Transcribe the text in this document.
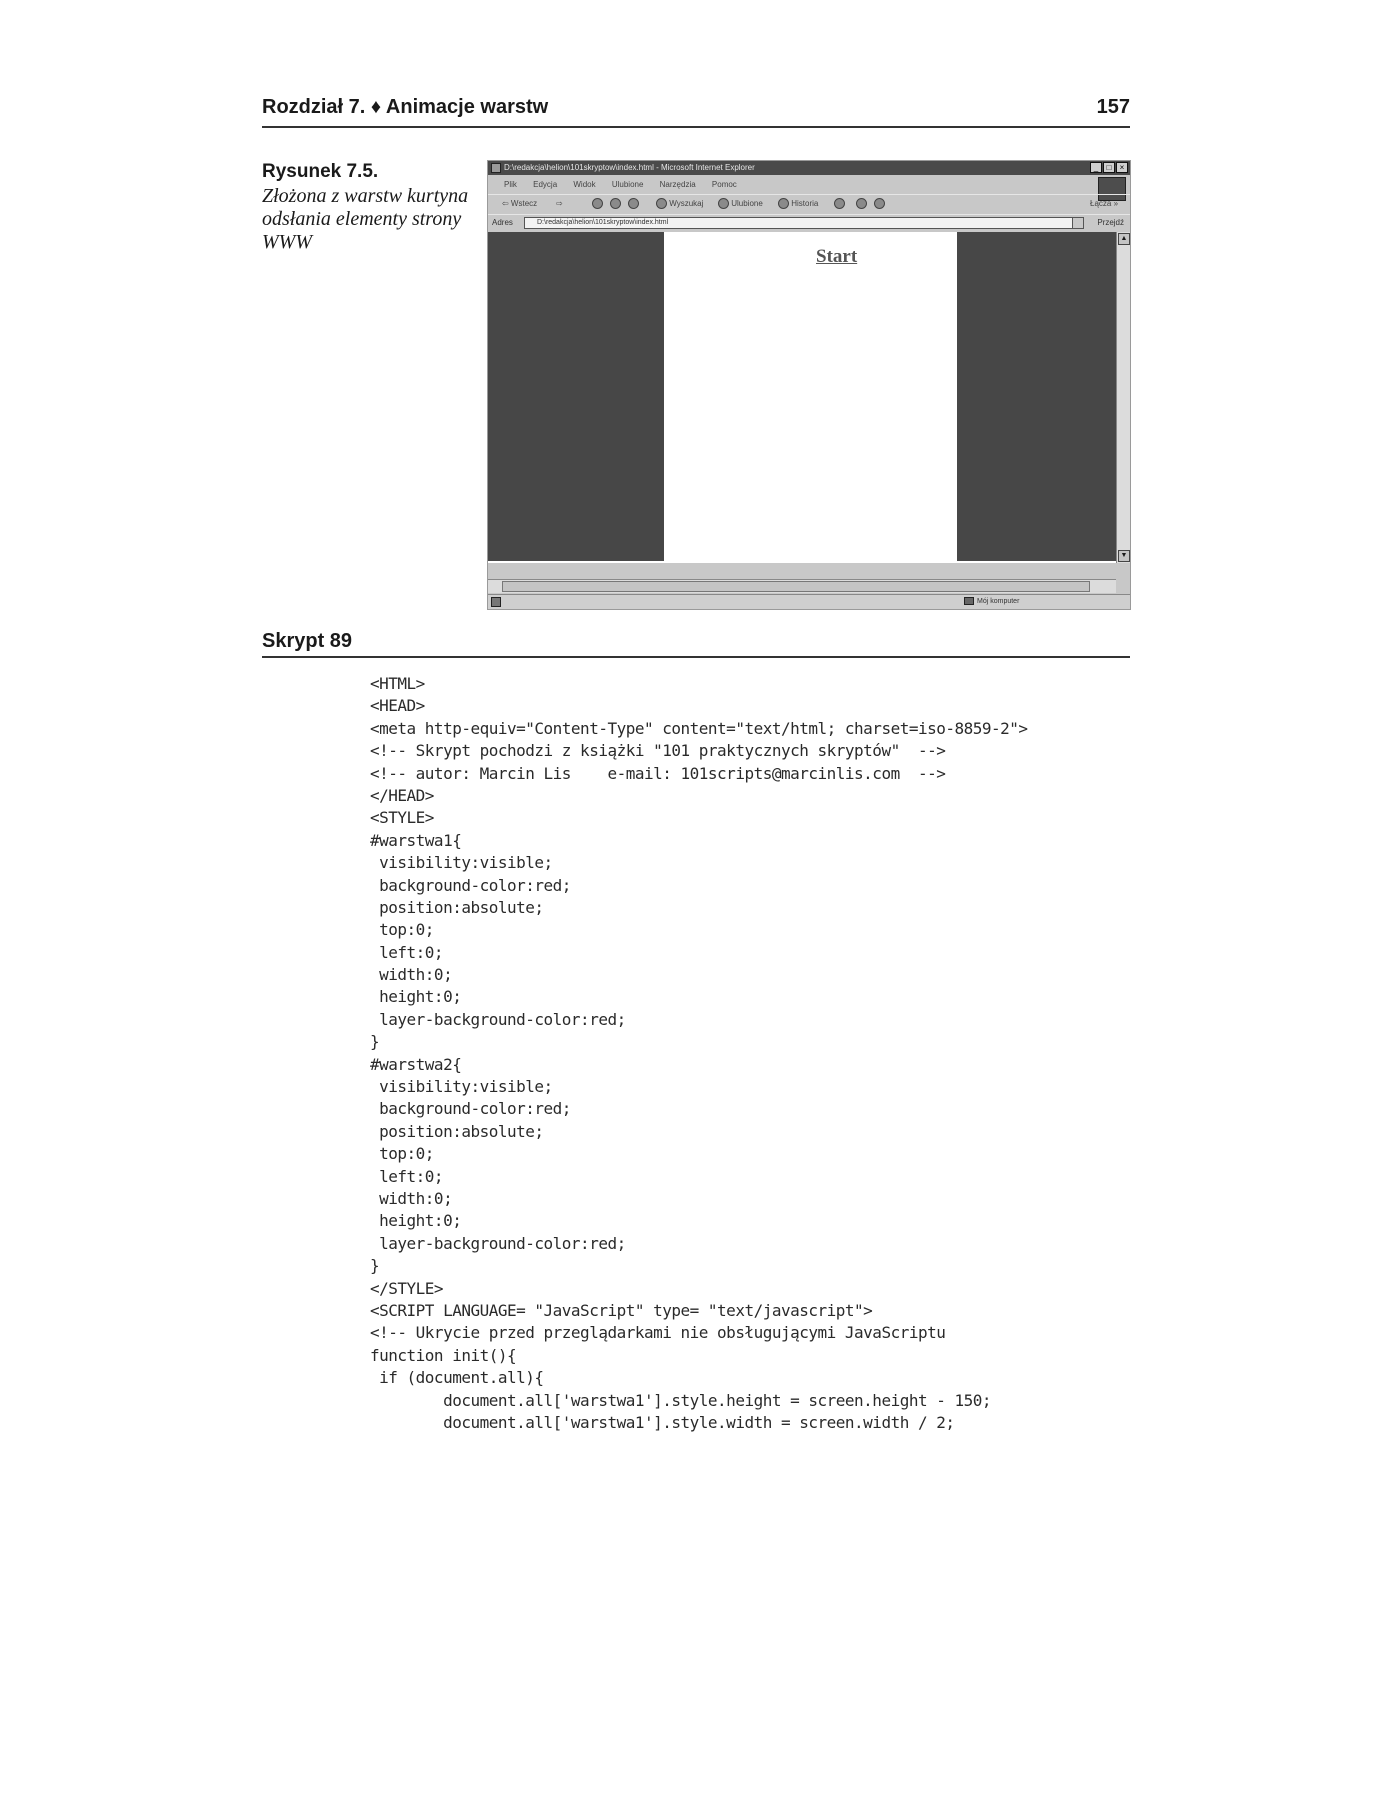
Rozdział 7. ♦ Animacje warstw	157
Rysunek 7.5.
Złożona z warstw kurtyna odsłania elementy strony WWW
D:\redakcja\helion\101skryptow\index.html - Microsoft Internet Explorer	_	□	×
Plik Edycja Widok Ulubione Narzędzia Pomoc
⇦ Wstecz ⇨	Wyszukaj	Ulubione	Historia	Łącza »
Adres	D:\redakcja\helion\101skryptow\index.html	Przejdź
Start
▲
▼
Mój komputer
Skrypt 89
<HTML>
<HEAD>
<meta http-equiv="Content-Type" content="text/html; charset=iso-8859-2">
<!-- Skrypt pochodzi z książki "101 praktycznych skryptów"  -->
<!-- autor: Marcin Lis    e-mail: 101scripts@marcinlis.com  -->
</HEAD>
<STYLE>
#warstwa1{
visibility:visible;
background-color:red;
position:absolute;
top:0;
left:0;
width:0;
height:0;
layer-background-color:red;
}
#warstwa2{
visibility:visible;
background-color:red;
position:absolute;
top:0;
left:0;
width:0;
height:0;
layer-background-color:red;
}
</STYLE>
<SCRIPT LANGUAGE= "JavaScript" type= "text/javascript">
<!-- Ukrycie przed przeglądarkami nie obsługującymi JavaScriptu
function init(){
if (document.all){
document.all['warstwa1'].style.height = screen.height - 150;
document.all['warstwa1'].style.width = screen.width / 2;
